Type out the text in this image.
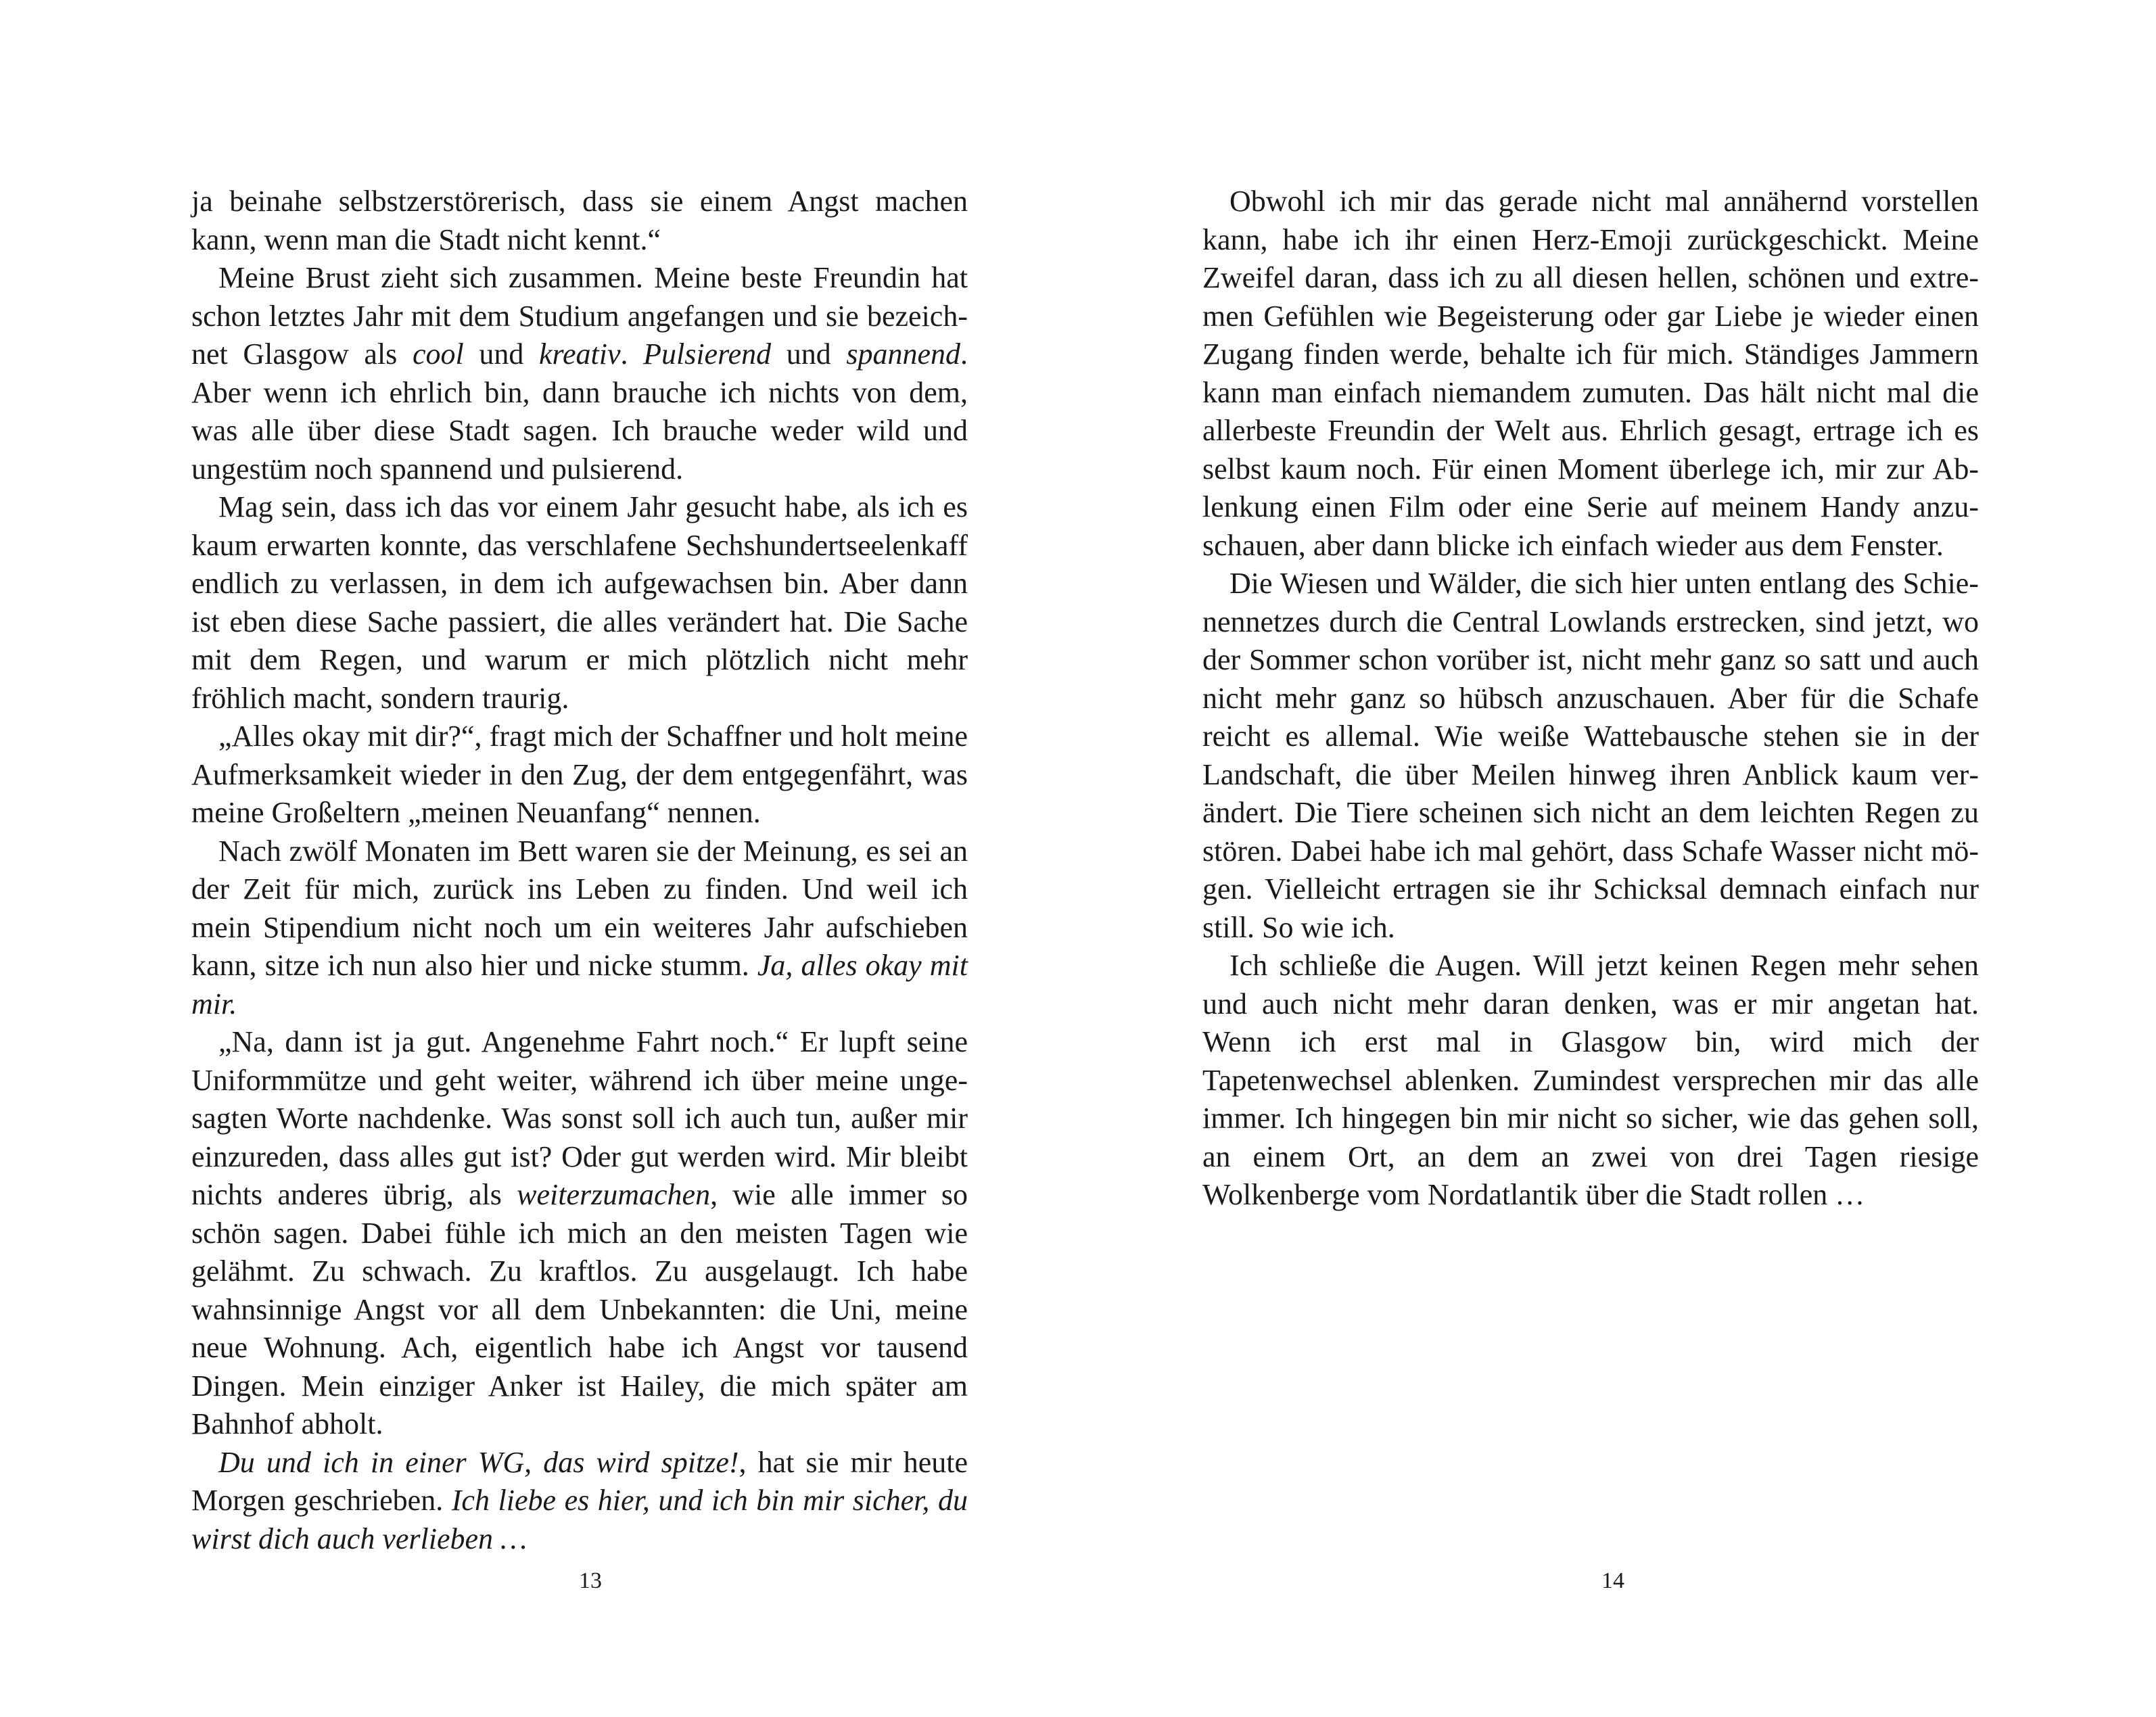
ja beinahe selbstzerstörerisch, dass sie einem Angst machen kann, wenn man die Stadt nicht kennt.“

Meine Brust zieht sich zusammen. Meine beste Freundin hat schon letztes Jahr mit dem Studium angefangen und sie bezeichnet Glasgow als cool und kreativ. Pulsierend und spannend. Aber wenn ich ehrlich bin, dann brauche ich nichts von dem, was alle über diese Stadt sagen. Ich brauche weder wild und ungestüm noch spannend und pulsierend.

Mag sein, dass ich das vor einem Jahr gesucht habe, als ich es kaum erwarten konnte, das verschlafene Sechshundertseelenkaff endlich zu verlassen, in dem ich aufgewachsen bin. Aber dann ist eben diese Sache passiert, die alles verändert hat. Die Sache mit dem Regen, und warum er mich plötzlich nicht mehr fröhlich macht, sondern traurig.

„Alles okay mit dir?“, fragt mich der Schaffner und holt meine Aufmerksamkeit wieder in den Zug, der dem entgegenfährt, was meine Großeltern „meinen Neuanfang“ nennen.

Nach zwölf Monaten im Bett waren sie der Meinung, es sei an der Zeit für mich, zurück ins Leben zu finden. Und weil ich mein Stipendium nicht noch um ein weiteres Jahr aufschieben kann, sitze ich nun also hier und nicke stumm. Ja, alles okay mit mir.

„Na, dann ist ja gut. Angenehme Fahrt noch.“ Er lupft seine Uniformmütze und geht weiter, während ich über meine ungesagten Worte nachdenke. Was sonst soll ich auch tun, außer mir einzureden, dass alles gut ist? Oder gut werden wird. Mir bleibt nichts anderes übrig, als weiterzumachen, wie alle immer so schön sagen. Dabei fühle ich mich an den meisten Tagen wie gelähmt. Zu schwach. Zu kraftlos. Zu ausgelaugt. Ich habe wahnsinnige Angst vor all dem Unbekannten: die Uni, meine neue Wohnung. Ach, eigentlich habe ich Angst vor tausend Dingen. Mein einziger Anker ist Hailey, die mich später am Bahnhof abholt.

Du und ich in einer WG, das wird spitze!, hat sie mir heute Morgen geschrieben. Ich liebe es hier, und ich bin mir sicher, du wirst dich auch verlieben …

13

Obwohl ich mir das gerade nicht mal annähernd vorstellen kann, habe ich ihr einen Herz-Emoji zurückgeschickt. Meine Zweifel daran, dass ich zu all diesen hellen, schönen und extremen Gefühlen wie Begeisterung oder gar Liebe je wieder einen Zugang finden werde, behalte ich für mich. Ständiges Jammern kann man einfach niemandem zumuten. Das hält nicht mal die allerbeste Freundin der Welt aus. Ehrlich gesagt, ertrage ich es selbst kaum noch. Für einen Moment überlege ich, mir zur Ablenkung einen Film oder eine Serie auf meinem Handy anzuschauen, aber dann blicke ich einfach wieder aus dem Fenster.

Die Wiesen und Wälder, die sich hier unten entlang des Schienennetzes durch die Central Lowlands erstrecken, sind jetzt, wo der Sommer schon vorüber ist, nicht mehr ganz so satt und auch nicht mehr ganz so hübsch anzuschauen. Aber für die Schafe reicht es allemal. Wie weiße Wattebausche stehen sie in der Landschaft, die über Meilen hinweg ihren Anblick kaum verändert. Die Tiere scheinen sich nicht an dem leichten Regen zu stören. Dabei habe ich mal gehört, dass Schafe Wasser nicht mögen. Vielleicht ertragen sie ihr Schicksal demnach einfach nur still. So wie ich.

Ich schließe die Augen. Will jetzt keinen Regen mehr sehen und auch nicht mehr daran denken, was er mir angetan hat. Wenn ich erst mal in Glasgow bin, wird mich der Tapetenwechsel ablenken. Zumindest versprechen mir das alle immer. Ich hingegen bin mir nicht so sicher, wie das gehen soll, an einem Ort, an dem an zwei von drei Tagen riesige Wolkenberge vom Nordatlantik über die Stadt rollen …

14
